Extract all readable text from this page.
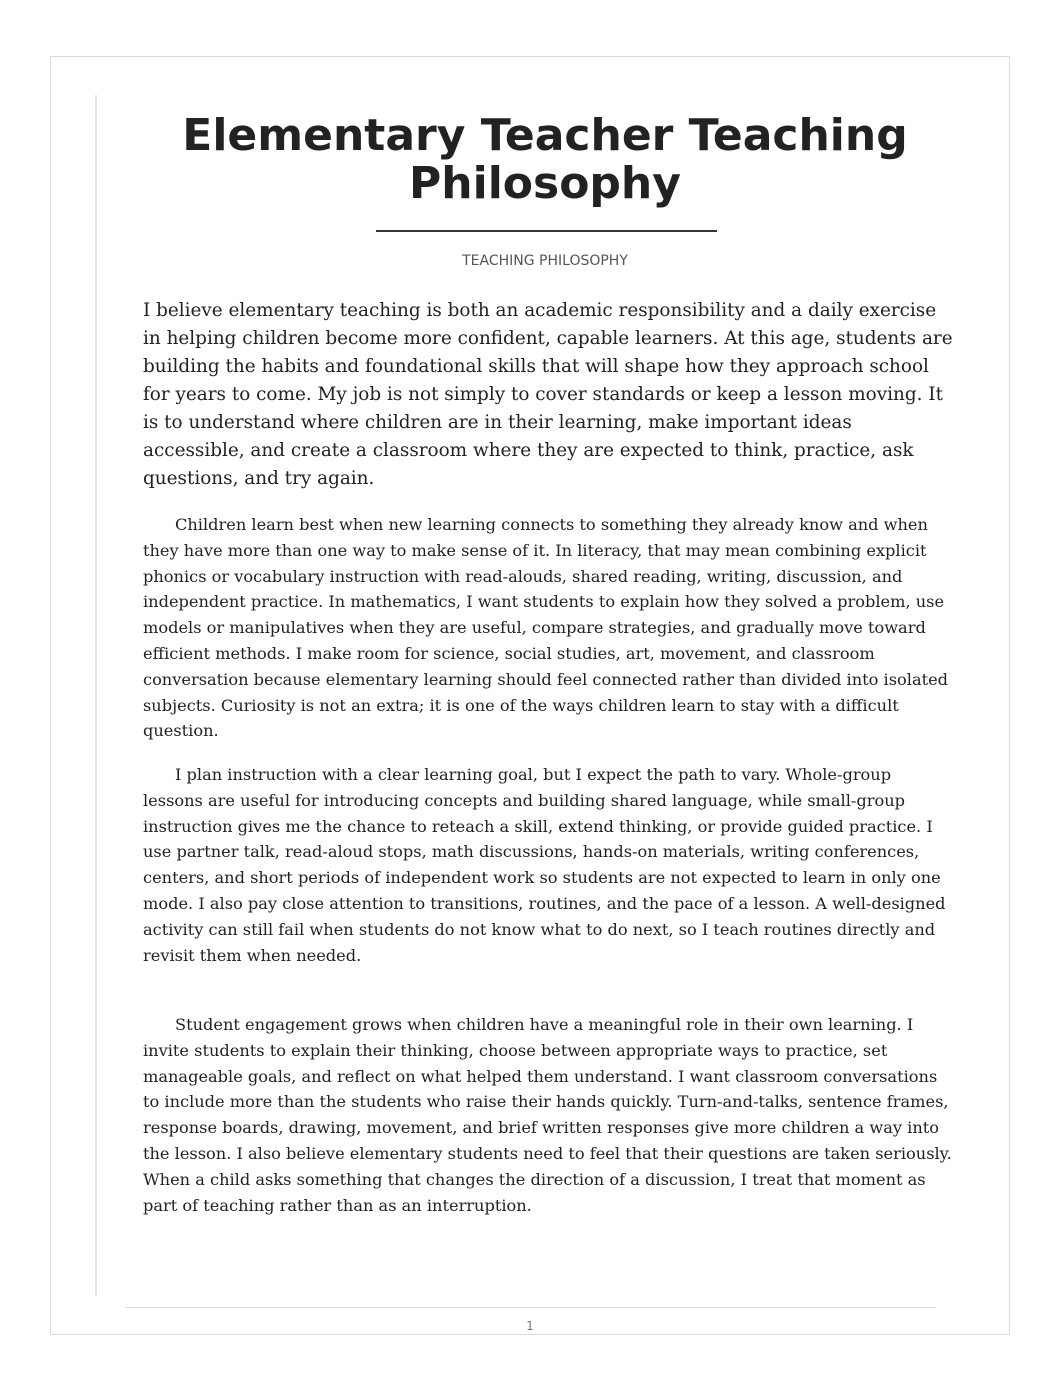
Elementary Teacher Teaching Philosophy
TEACHING PHILOSOPHY

I believe elementary teaching is both an academic responsibility and a daily exercise in helping children become more confident, capable learners. At this age, students are building the habits and foundational skills that will shape how they approach school for years to come. My job is not simply to cover standards or keep a lesson moving. It is to understand where children are in their learning, make important ideas accessible, and create a classroom where they are expected to think, practice, ask questions, and try again.

Children learn best when new learning connects to something they already know and when they have more than one way to make sense of it. In literacy, that may mean combining explicit phonics or vocabulary instruction with read-alouds, shared reading, writing, discussion, and independent practice. In mathematics, I want students to explain how they solved a problem, use models or manipulatives when they are useful, compare strategies, and gradually move toward efficient methods. I make room for science, social studies, art, movement, and classroom conversation because elementary learning should feel connected rather than divided into isolated subjects. Curiosity is not an extra; it is one of the ways children learn to stay with a difficult question.

I plan instruction with a clear learning goal, but I expect the path to vary. Whole-group lessons are useful for introducing concepts and building shared language, while small-group instruction gives me the chance to reteach a skill, extend thinking, or provide guided practice. I use partner talk, read-aloud stops, math discussions, hands-on materials, writing conferences, centers, and short periods of independent work so students are not expected to learn in only one mode. I also pay close attention to transitions, routines, and the pace of a lesson. A well-designed activity can still fail when students do not know what to do next, so I teach routines directly and revisit them when needed.

Student engagement grows when children have a meaningful role in their own learning. I invite students to explain their thinking, choose between appropriate ways to practice, set manageable goals, and reflect on what helped them understand. I want classroom conversations to include more than the students who raise their hands quickly. Turn-and-talks, sentence frames, response boards, drawing, movement, and brief written responses give more children a way into the lesson. I also believe elementary students need to feel that their questions are taken seriously. When a child asks something that changes the direction of a discussion, I treat that moment as part of teaching rather than as an interruption.

1
